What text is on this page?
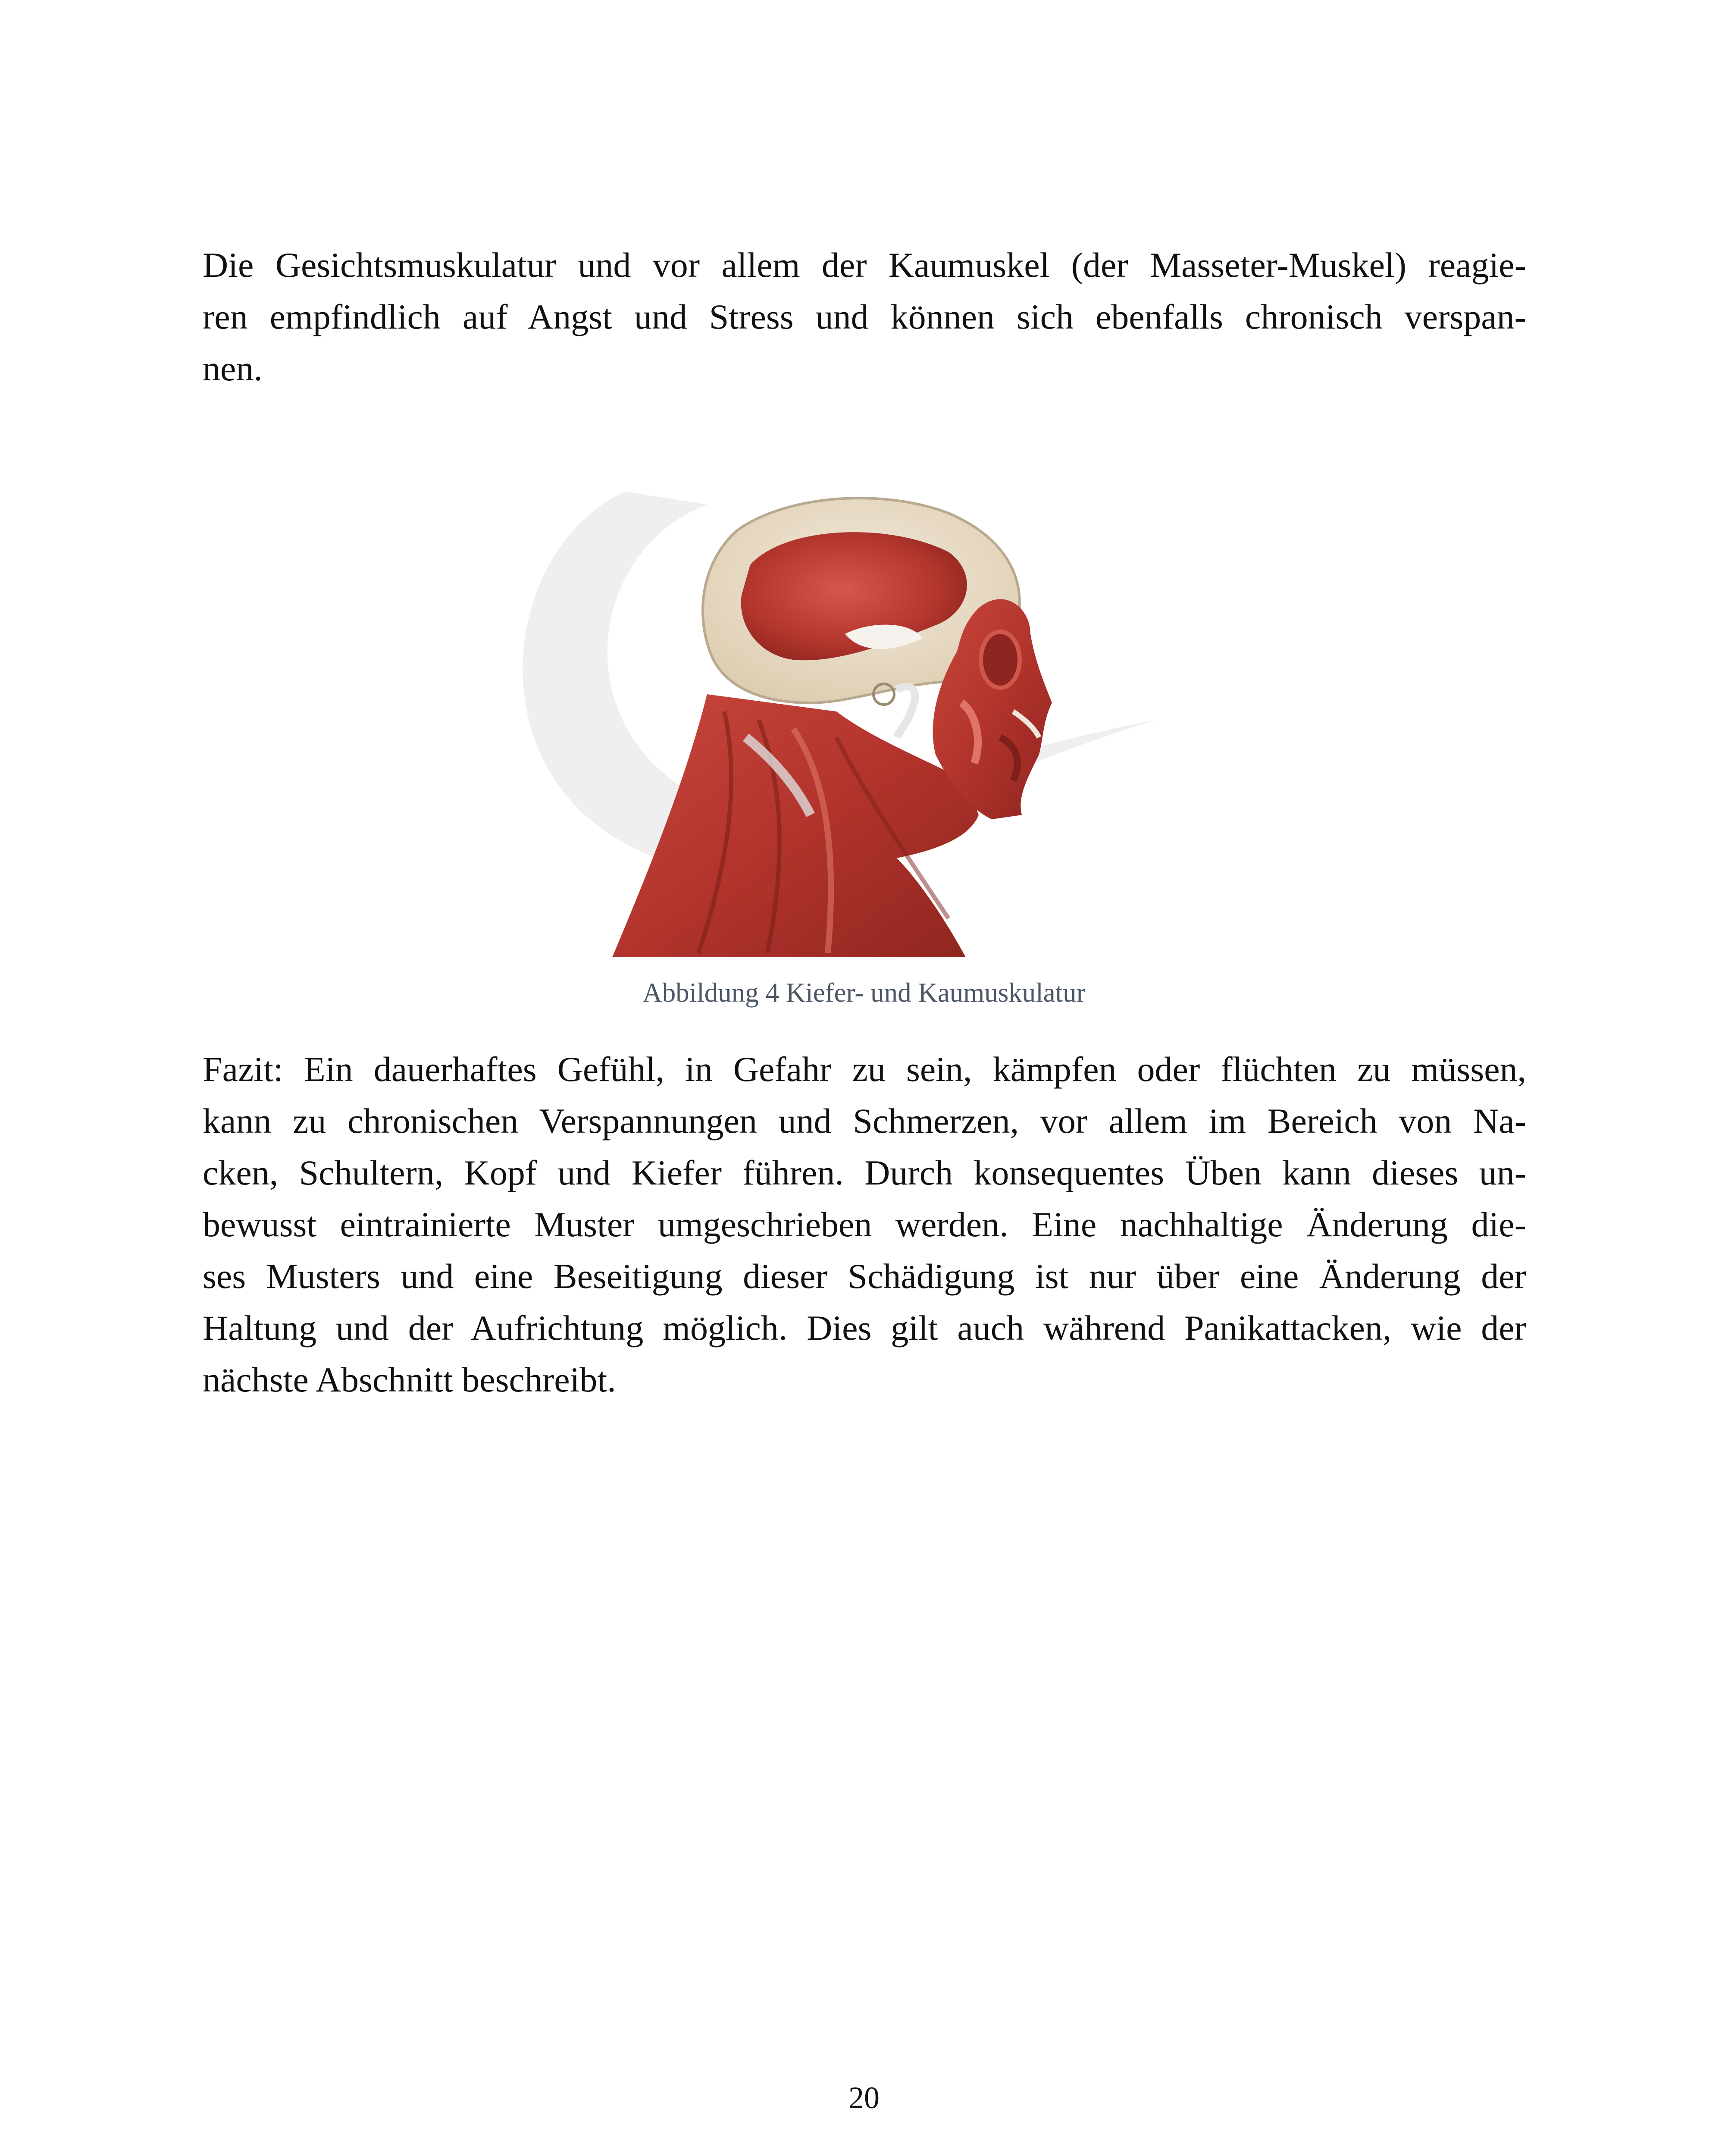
Die Gesichtsmuskulatur und vor allem der Kaumuskel (der Masseter-Muskel) reagie-
ren empfindlich auf Angst und Stress und können sich ebenfalls chronisch verspan-
nen.

Abbildung 4 Kiefer- und Kaumuskulatur

Fazit: Ein dauerhaftes Gefühl, in Gefahr zu sein, kämpfen oder flüchten zu müssen,
kann zu chronischen Verspannungen und Schmerzen, vor allem im Bereich von Na-
cken, Schultern, Kopf und Kiefer führen. Durch konsequentes Üben kann dieses un-
bewusst eintrainierte Muster umgeschrieben werden. Eine nachhaltige Änderung die-
ses Musters und eine Beseitigung dieser Schädigung ist nur über eine Änderung der
Haltung und der Aufrichtung möglich. Dies gilt auch während Panikattacken, wie der
nächste Abschnitt beschreibt.

20
